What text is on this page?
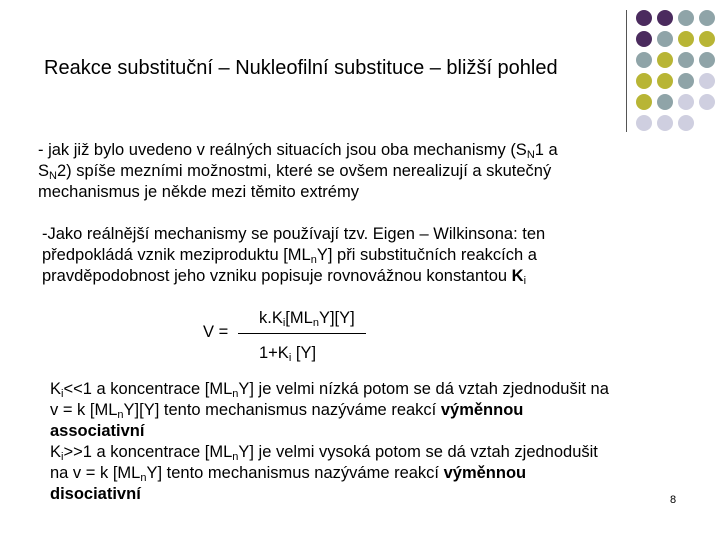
Reakce substituční – Nukleofilní substituce – bližší pohled
- jak již bylo uvedeno v reálných situacích jsou oba mechanismy ($S_N1$ a
$S_N2$) spíše mezními možnostmi, které se ovšem nerealizují a skutečný
mechanismus je někde mezi těmito extrémy
-Jako reálnější mechanismy se používají tzv. Eigen – Wilkinsona: ten
předpokládá vznik meziproduktu $[ML_nY]$ při substitučních reakcích a
pravděpodobnost jeho vzniku popisuje rovnovážnou konstantou $K_i$
V =
$k.K_i[ML_nY][Y]$
$1+K_i$ [Y]
$K_i<<1$ a koncentrace $[ML_nY]$ je velmi nízká potom se dá vztah zjednodušit na
v = k $[ML_nY][Y]$ tento mechanismus nazýváme reakcí výměnnou
associativní
$K_i>>1$ a koncentrace $[ML_nY]$ je velmi vysoká potom se dá vztah zjednodušit
na v = k $[ML_nY]$ tento mechanismus nazýváme reakcí výměnnou
disociativní	8
